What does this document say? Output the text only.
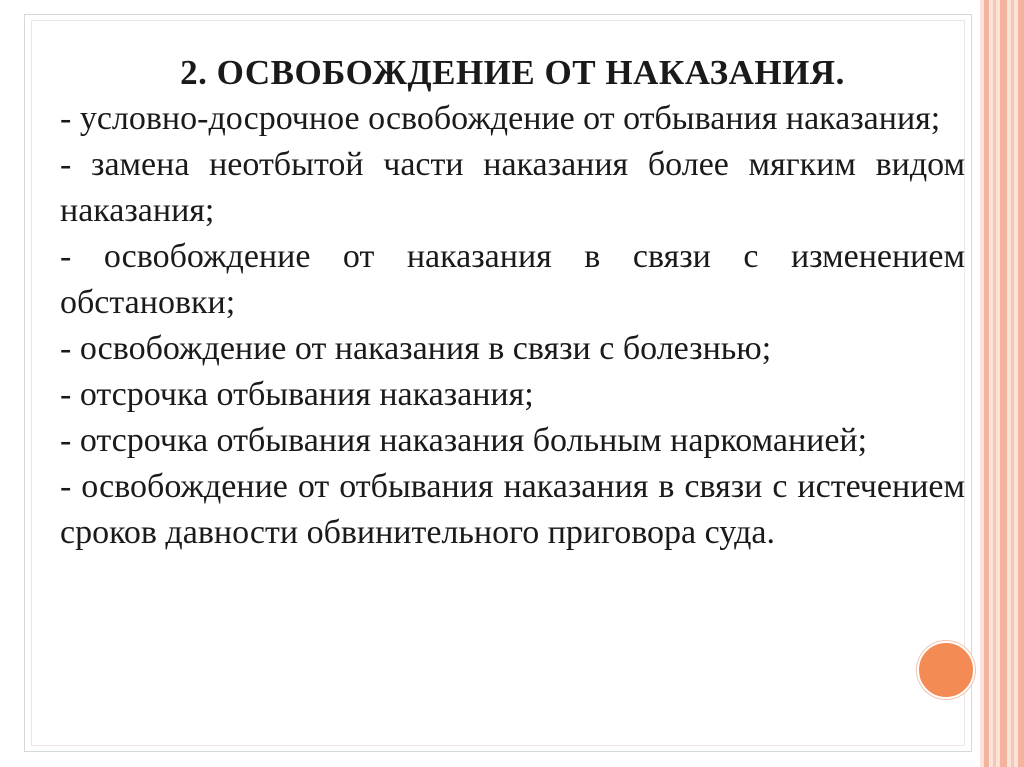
2. ОСВОБОЖДЕНИЕ ОТ НАКАЗАНИЯ.
- условно-досрочное освобождение от отбывания наказания;
- замена неотбытой части наказания более мягким видом наказания;
- освобождение от наказания в связи с изменением обстановки;
- освобождение от наказания в связи с болезнью;
- отсрочка отбывания наказания;
- отсрочка отбывания наказания больным наркоманией;
- освобождение от отбывания наказания в связи с истечением сроков давности обвинительного приговора суда.
